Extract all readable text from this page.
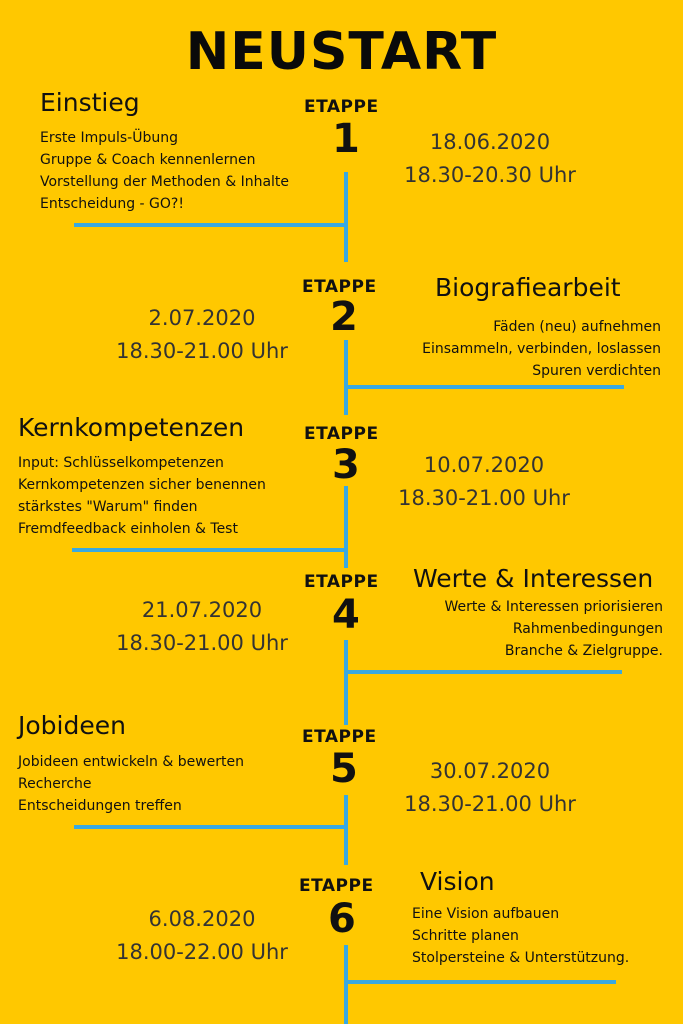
NEUSTART
ETAPPE
1
Einstieg
Erste Impuls-Übung
Gruppe & Coach kennenlernen
Vorstellung der Methoden & Inhalte
Entscheidung - GO?!
18.06.2020
18.30-20.30 Uhr
ETAPPE
2
Biografiearbeit
Fäden (neu) aufnehmen
Einsammeln, verbinden, loslassen
Spuren verdichten
2.07.2020
18.30-21.00 Uhr
ETAPPE
3
Kernkompetenzen
Input: Schlüsselkompetenzen
Kernkompetenzen sicher benennen
stärkstes "Warum" finden
Fremdfeedback einholen & Test
10.07.2020
18.30-21.00 Uhr
ETAPPE
4
Werte & Interessen
Werte & Interessen priorisieren
Rahmenbedingungen
Branche & Zielgruppe.
21.07.2020
18.30-21.00 Uhr
ETAPPE
5
Jobideen
Jobideen entwickeln & bewerten
Recherche
Entscheidungen treffen
30.07.2020
18.30-21.00 Uhr
ETAPPE
6
Vision
Eine Vision aufbauen
Schritte planen
Stolpersteine & Unterstützung.
6.08.2020
18.00-22.00 Uhr
